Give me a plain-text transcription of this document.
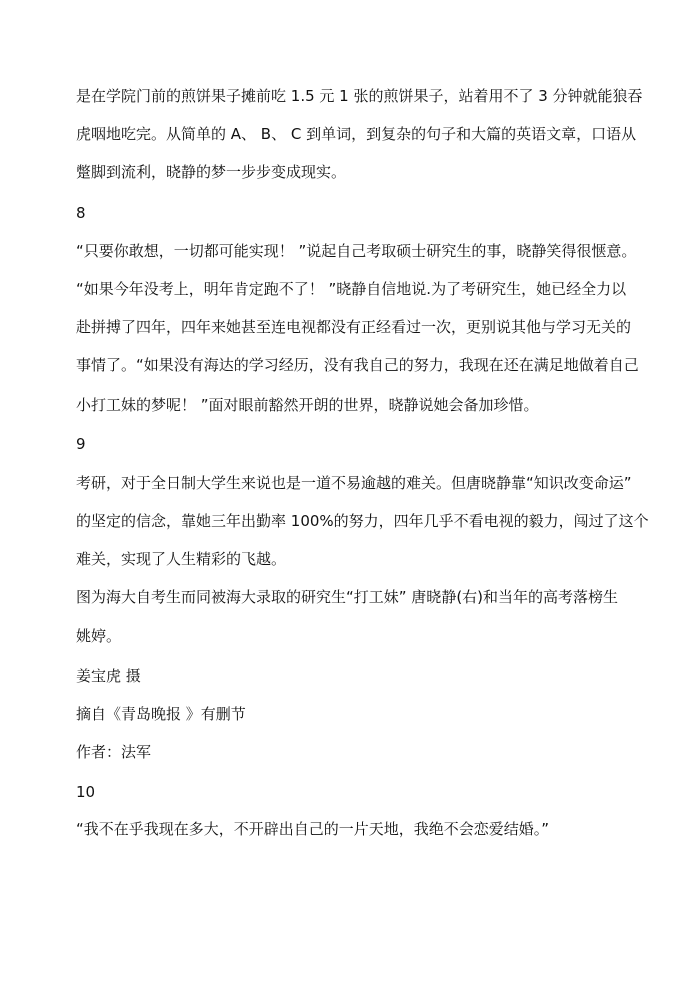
是在学院门前的煎饼果子摊前吃 1.5 元 1 张的煎饼果子，站着用不了 3 分钟就能狼吞
虎咽地吃完。从简单的 A、 B、 C 到单词，到复杂的句子和大篇的英语文章，口语从
蹩脚到流利，晓静的梦一步步变成现实。
8
“只要你敢想，一切都可能实现！ ”说起自己考取硕士研究生的事，晓静笑得很惬意。
“如果今年没考上，明年肯定跑不了！ ”晓静自信地说.为了考研究生，她已经全力以
赴拼搏了四年，四年来她甚至连电视都没有正经看过一次，更别说其他与学习无关的
事情了。“如果没有海达的学习经历，没有我自己的努力，我现在还在满足地做着自己
小打工妹的梦呢！ ”面对眼前豁然开朗的世界，晓静说她会备加珍惜。
9
考研，对于全日制大学生来说也是一道不易逾越的难关。但唐晓静靠“知识改变命运”
的坚定的信念，靠她三年出勤率 100%的努力，四年几乎不看电视的毅力，闯过了这个
难关，实现了人生精彩的飞越。
图为海大自考生而同被海大录取的研究生“打工妹” 唐晓静(右)和当年的高考落榜生
姚婷。
姜宝虎 摄
摘自《青岛晚报 》有删节
作者：法军
10
“我不在乎我现在多大，不开辟出自己的一片天地，我绝不会恋爱结婚。”
